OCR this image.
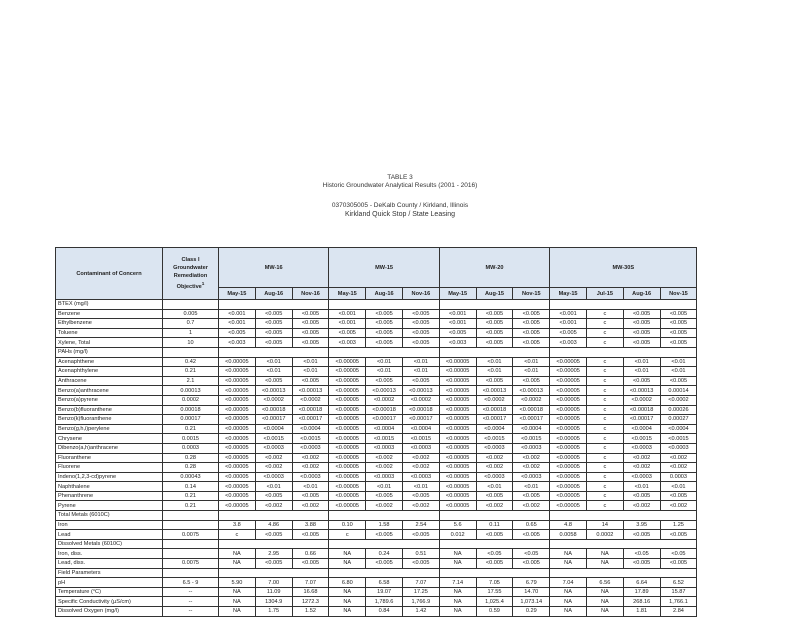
TABLE 3
Historic Groundwater Analytical Results (2001 - 2016)
0370305005 - DeKalb County / Kirkland, Illinois
Kirkland Quick Stop / State Leasing
Contaminant of Concern	Class I Groundwater Remediation Objective$^1$	MW-16			MW-15			MW-20			MW-30S			
		May-15	Aug-16	Nov-16	May-15	Aug-16	Nov-16	May-15	Aug-15	Nov-15	May-15	Jul-15	Aug-16	Nov-15
BTEX (mg/l)														
Benzene	0.005	<0.001	<0.005	<0.005	<0.001	<0.005	<0.005	<0.001	<0.005	<0.005	<0.001	c	<0.005	<0.005
Ethylbenzene	0.7	<0.001	<0.005	<0.005	<0.001	<0.005	<0.005	<0.001	<0.005	<0.005	<0.001	c	<0.005	<0.005
Toluene	1	<0.005	<0.005	<0.005	<0.005	<0.005	<0.005	<0.005	<0.005	<0.005	<0.005	c	<0.005	<0.005
Xylene, Total	10	<0.003	<0.005	<0.005	<0.003	<0.005	<0.005	<0.003	<0.005	<0.005	<0.003	c	<0.005	<0.005
PAHs (mg/l)														
Acenaphthene	0.42	<0.00005	<0.01	<0.01	<0.00005	<0.01	<0.01	<0.00005	<0.01	<0.01	<0.00005	c	<0.01	<0.01
Acenaphthylene	0.21	<0.00005	<0.01	<0.01	<0.00005	<0.01	<0.01	<0.00005	<0.01	<0.01	<0.00005	c	<0.01	<0.01
Anthracene	2.1	<0.00005	<0.005	<0.005	<0.00005	<0.005	<0.005	<0.00005	<0.005	<0.005	<0.00005	c	<0.005	<0.005
Benzo(a)anthracene	0.00013	<0.00005	<0.00013	<0.00013	<0.00005	<0.00013	<0.00013	<0.00005	<0.00013	<0.00013	<0.00005	c	<0.00013	0.00014
Benzo(a)pyrene	0.0002	<0.00005	<0.0002	<0.0002	<0.00005	<0.0002	<0.0002	<0.00005	<0.0002	<0.0002	<0.00005	c	<0.0002	<0.0002
Benzo(b)fluoranthene	0.00018	<0.00005	<0.00018	<0.00018	<0.00005	<0.00018	<0.00018	<0.00005	<0.00018	<0.00018	<0.00005	c	<0.00018	0.00026
Benzo(k)fluoranthene	0.00017	<0.00005	<0.00017	<0.00017	<0.00005	<0.00017	<0.00017	<0.00005	<0.00017	<0.00017	<0.00005	c	<0.00017	0.00027
Benzo(g,h,i)perylene	0.21	<0.00005	<0.0004	<0.0004	<0.00005	<0.0004	<0.0004	<0.00005	<0.0004	<0.0004	<0.00005	c	<0.0004	<0.0004
Chrysene	0.0015	<0.00005	<0.0015	<0.0015	<0.00005	<0.0015	<0.0015	<0.00005	<0.0015	<0.0015	<0.00005	c	<0.0015	<0.0015
Dibenzo(a,h)anthracene	0.0003	<0.00005	<0.0003	<0.0003	<0.00005	<0.0003	<0.0003	<0.00005	<0.0003	<0.0003	<0.00005	c	<0.0003	<0.0003
Fluoranthene	0.28	<0.00005	<0.002	<0.002	<0.00005	<0.002	<0.002	<0.00005	<0.002	<0.002	<0.00005	c	<0.002	<0.002
Fluorene	0.28	<0.00005	<0.002	<0.002	<0.00005	<0.002	<0.002	<0.00005	<0.002	<0.002	<0.00005	c	<0.002	<0.002
Indeno(1,2,3-cd)pyrene	0.00043	<0.00005	<0.0003	<0.0003	<0.00005	<0.0003	<0.0003	<0.00005	<0.0003	<0.0003	<0.00005	c	<0.0003	0.0003
Naphthalene	0.14	<0.00005	<0.01	<0.01	<0.00005	<0.01	<0.01	<0.00005	<0.01	<0.01	<0.00005	c	<0.01	<0.01
Phenanthrene	0.21	<0.00005	<0.005	<0.005	<0.00005	<0.005	<0.005	<0.00005	<0.005	<0.005	<0.00005	c	<0.005	<0.005
Pyrene	0.21	<0.00005	<0.002	<0.002	<0.00005	<0.002	<0.002	<0.00005	<0.002	<0.002	<0.00005	c	<0.002	<0.002
Total Metals (6010C)														
Iron		3.8	4.86	3.88	0.10	1.58	2.54	5.6	0.11	0.65	4.8	14	3.95	1.25
Lead	0.0075	c	<0.005	<0.005	c	<0.005	<0.005	0.012	<0.005	<0.005	0.0058	0.0002	<0.005	<0.005
Dissolved Metals (6010C)														
Iron, diss.		NA	2.95	0.66	NA	0.24	0.51	NA	<0.05	<0.05	NA	NA	<0.05	<0.05
Lead, diss.	0.0075	NA	<0.005	<0.005	NA	<0.005	<0.005	NA	<0.005	<0.005	NA	NA	<0.005	<0.005
Field Parameters														
pH	6.5 - 9	5.90	7.00	7.07	6.80	6.58	7.07	7.14	7.05	6.79	7.04	6.56	6.64	6.52
Temperature (°C)	--	NA	11.09	16.68	NA	19.07	17.25	NA	17.55	14.70	NA	NA	17.89	15.87
Specific Conductivity (µS/cm)	--	NA	1304.9	1272.3	NA	1,789.6	1,766.9	NA	1,025.4	1,073.14	NA	NA	268.16	1,766.1
Dissolved Oxygen (mg/l)	--	NA	1.75	1.52	NA	0.84	1.42	NA	0.59	0.29	NA	NA	1.81	2.84
